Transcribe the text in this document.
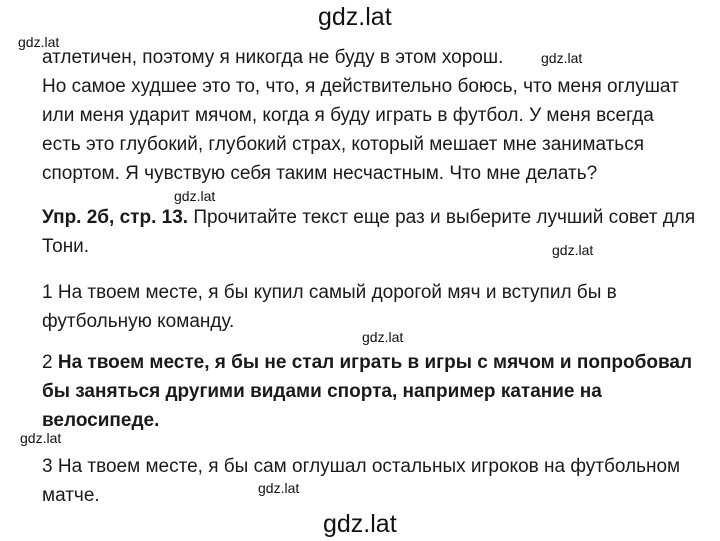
gdz.lat
gdz.lat
gdz.lat
gdz.lat
gdz.lat
gdz.lat
gdz.lat
gdz.lat
gdz.lat
атлетичен, поэтому я никогда не буду в этом хорош.
Но самое худшее это то, что, я действительно боюсь, что меня оглушат
или меня ударит мячом, когда я буду играть в футбол. У меня всегда
есть это глубокий, глубокий страх, который мешает мне заниматься
спортом. Я чувствую себя таким несчастным. Что мне делать?
Упр. 2б, стр. 13. Прочитайте текст еще раз и выберите лучший совет для
Тони.
1 На твоем месте, я бы купил самый дорогой мяч и вступил бы в
футбольную команду.
2 На твоем месте, я бы не стал играть в игры с мячом и попробовал
бы заняться другими видами спорта, например катание на
велосипеде.
3 На твоем месте, я бы сам оглушал остальных игроков на футбольном
матче.
